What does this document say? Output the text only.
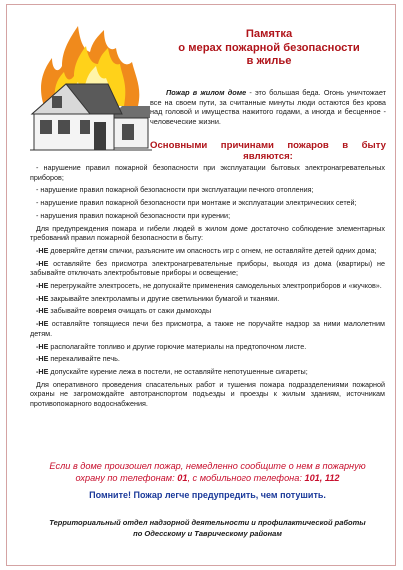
Памятка
о мерах пожарной безопасности
в жилье

Пожар в жилом доме - это большая беда. Огонь уничтожает все на своем пути, за считанные минуты люди остаются без крова над головой и имущества нажитого годами, а иногда и бесценное - человеческие жизни.

Основными причинами пожаров в быту являются:

- нарушение правил пожарной безопасности при эксплуатации бытовых электронагревательных приборов;

- нарушение правил пожарной безопасности при эксплуатации печного отопления;

- нарушение правил пожарной безопасности при монтаже и эксплуатации электрических сетей;

- нарушения правил пожарной безопасности при курении;

Для предупреждения пожара и гибели людей в жилом доме достаточно соблюдение элементарных требований правил пожарной безопасности в быту:

-НЕ доверяйте детям спички, разъясните им опасность игр с огнем, не оставляйте детей одних дома;

-НЕ оставляйте без присмотра электронагревательные приборы, выходя из дома (квартиры) не забывайте отключать электробытовые приборы и освещение;

-НЕ перегружайте электросеть, не допускайте применения самодельных электроприборов и «жучков».

-НЕ закрывайте электролампы и другие светильники бумагой и тканями.

-НЕ забывайте вовремя очищать от сажи дымоходы

-НЕ оставляйте топящиеся печи без присмотра, а также не поручайте надзор за ними малолетним детям.

-НЕ располагайте топливо и другие горючие материалы на предтопочном листе.

-НЕ перекаливайте печь.

-НЕ допускайте курение лежа в постели, не оставляйте непотушенные сигареты;

Для оперативного проведения спасательных работ и тушения пожара подразделениями пожарной охраны не загромождайте автотранспортом подъезды и проезды к жилым зданиям, источникам противопожарного водоснабжения.

Если в доме произошел пожар, немедленно сообщите о нем в пожарную
охрану по телефонам: 01, с мобильного телефона: 101, 112

Помните! Пожар легче предупредить, чем потушить.

Территориальный отдел надзорной деятельности и профилактической работы
по Одесскому и Таврическому районам
